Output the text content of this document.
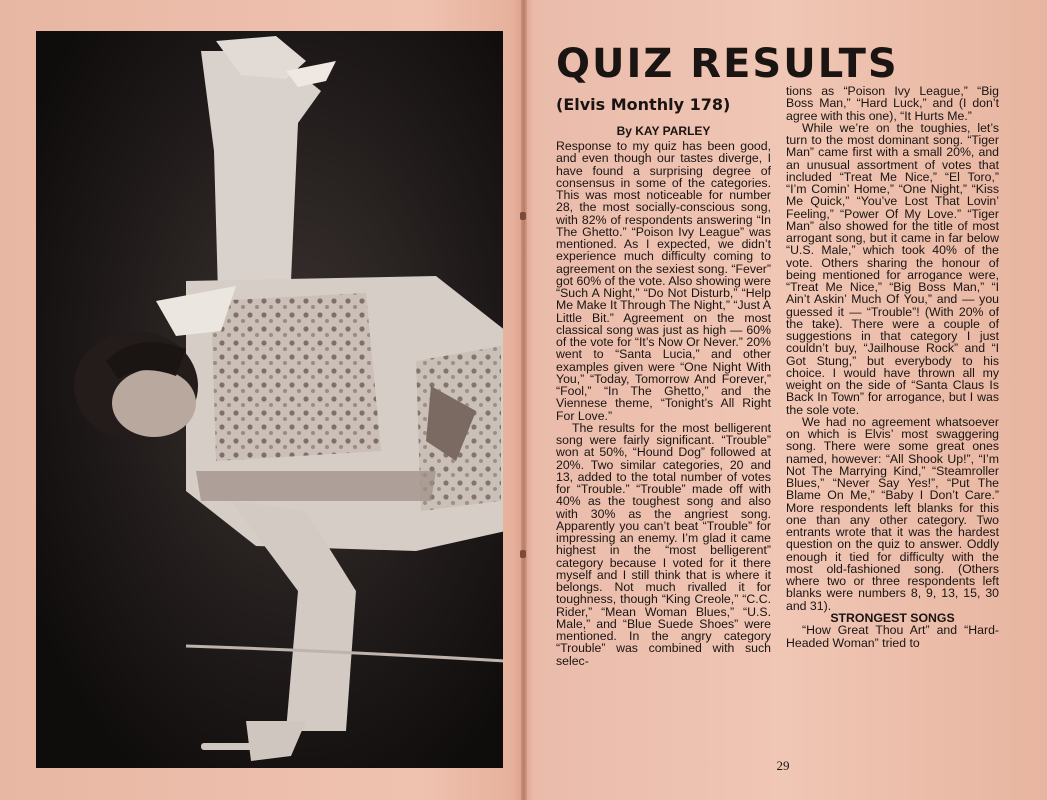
QUIZ RESULTS
(Elvis Monthly 178)
By KAY PARLEY

Response to my quiz has been good, and even though our tastes diverge, I have found a surprising degree of consensus in some of the categories. This was most noticeable for number 28, the most socially-conscious song, with 82% of respondents answering “In The Ghetto.” “Poison Ivy League” was mentioned. As I expected, we didn’t experience much difficulty coming to agreement on the sexiest song. “Fever” got 60% of the vote. Also showing were “Such A Night,” “Do Not Disturb,” “Help Me Make It Through The Night,” “Just A Little Bit.” Agreement on the most classical song was just as high — 60% of the vote for “It’s Now Or Never.” 20% went to “Santa Lucia,” and other examples given were “One Night With You,” “Today, Tomorrow And Forever,” “Fool,” “In The Ghetto,” and the Viennese theme, “Tonight’s All Right For Love.”

The results for the most belligerent song were fairly significant. “Trouble” won at 50%, “Hound Dog” followed at 20%. Two similar categories, 20 and 13, added to the total number of votes for “Trouble.” “Trouble” made off with 40% as the toughest song and also with 30% as the angriest song. Apparently you can’t beat “Trouble” for impressing an enemy. I’m glad it came highest in the “most belligerent” category because I voted for it there myself and I still think that is where it belongs. Not much rivalled it for toughness, though “King Creole,” “C.C. Rider,” “Mean Woman Blues,” “U.S. Male,” and “Blue Suede Shoes” were mentioned. In the angry category “Trouble” was combined with such selec-

tions as “Poison Ivy League,” “Big Boss Man,” “Hard Luck,” and (I don’t agree with this one), “It Hurts Me.”

While we’re on the toughies, let’s turn to the most dominant song. “Tiger Man” came first with a small 20%, and an unusual assortment of votes that included “Treat Me Nice,” “El Toro,” “I’m Comin’ Home,” “One Night,” “Kiss Me Quick,” “You’ve Lost That Lovin’ Feeling,” “Power Of My Love.” “Tiger Man” also showed for the title of most arrogant song, but it came in far below “U.S. Male,” which took 40% of the vote. Others sharing the honour of being mentioned for arrogance were, “Treat Me Nice,” “Big Boss Man,” “I Ain’t Askin’ Much Of You,” and — you guessed it — “Trouble”! (With 20% of the take). There were a couple of suggestions in that category I just couldn’t buy, “Jailhouse Rock” and “I Got Stung,” but everybody to his choice. I would have thrown all my weight on the side of “Santa Claus Is Back In Town” for arrogance, but I was the sole vote.

We had no agreement whatsoever on which is Elvis’ most swaggering song. There were some great ones named, however: “All Shook Up!”, “I’m Not The Marrying Kind,” “Steamroller Blues,” “Never Say Yes!”, “Put The Blame On Me,” “Baby I Don’t Care.” More respondents left blanks for this one than any other category. Two entrants wrote that it was the hardest question on the quiz to answer. Oddly enough it tied for difficulty with the most old-fashioned song. (Others where two or three respondents left blanks were numbers 8, 9, 13, 15, 30 and 31).

STRONGEST SONGS

“How Great Thou Art” and “Hard-Headed Woman” tried to

29
